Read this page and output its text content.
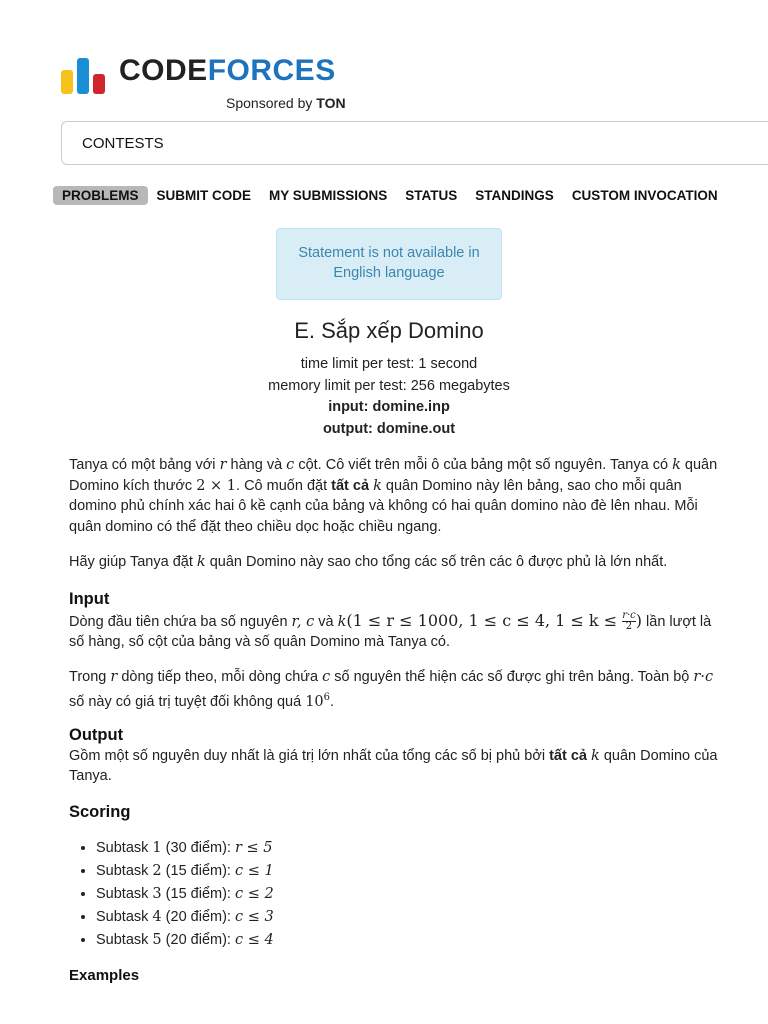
CODEFORCES
Sponsored by TON
CONTESTS
PROBLEMS	SUBMIT CODE	MY SUBMISSIONS	STATUS	STANDINGS	CUSTOM INVOCATION
Statement is not available in English language
E. Sắp xếp Domino
time limit per test: 1 second
memory limit per test: 256 megabytes
input: domine.inp
output: domine.out

Tanya có một bảng với r hàng và c cột. Cô viết trên mỗi ô của bảng một số nguyên. Tanya có k quân Domino kích thước 2 × 1. Cô muốn đặt tất cả k quân Domino này lên bảng, sao cho mỗi quân domino phủ chính xác hai ô kề cạnh của bảng và không có hai quân domino nào đè lên nhau. Mỗi quân domino có thể đặt theo chiều dọc hoặc chiều ngang.

Hãy giúp Tanya đặt k quân Domino này sao cho tổng các số trên các ô được phủ là lớn nhất.

Input

Dòng đầu tiên chứa ba số nguyên r, c và k(1 ≤ r ≤ 1000, 1 ≤ c ≤ 4, $1 \le k \le \frac{r\cdot c}{2}$ ) lần lượt là số hàng, số cột của bảng và số quân Domino mà Tanya có.

Trong r dòng tiếp theo, mỗi dòng chứa c số nguyên thể hiện các số được ghi trên bảng. Toàn bộ r·c số này có giá trị tuyệt đối không quá $10^6$.

Output

Gồm một số nguyên duy nhất là giá trị lớn nhất của tổng các số bị phủ bởi tất cả k quân Domino của Tanya.

Scoring
• Subtask 1 (30 điểm): r ≤ 5
• Subtask 2 (15 điểm): c ≤ 1
• Subtask 3 (15 điểm): c ≤ 2
• Subtask 4 (20 điểm): c ≤ 3
• Subtask 5 (20 điểm): c ≤ 4
Examples
